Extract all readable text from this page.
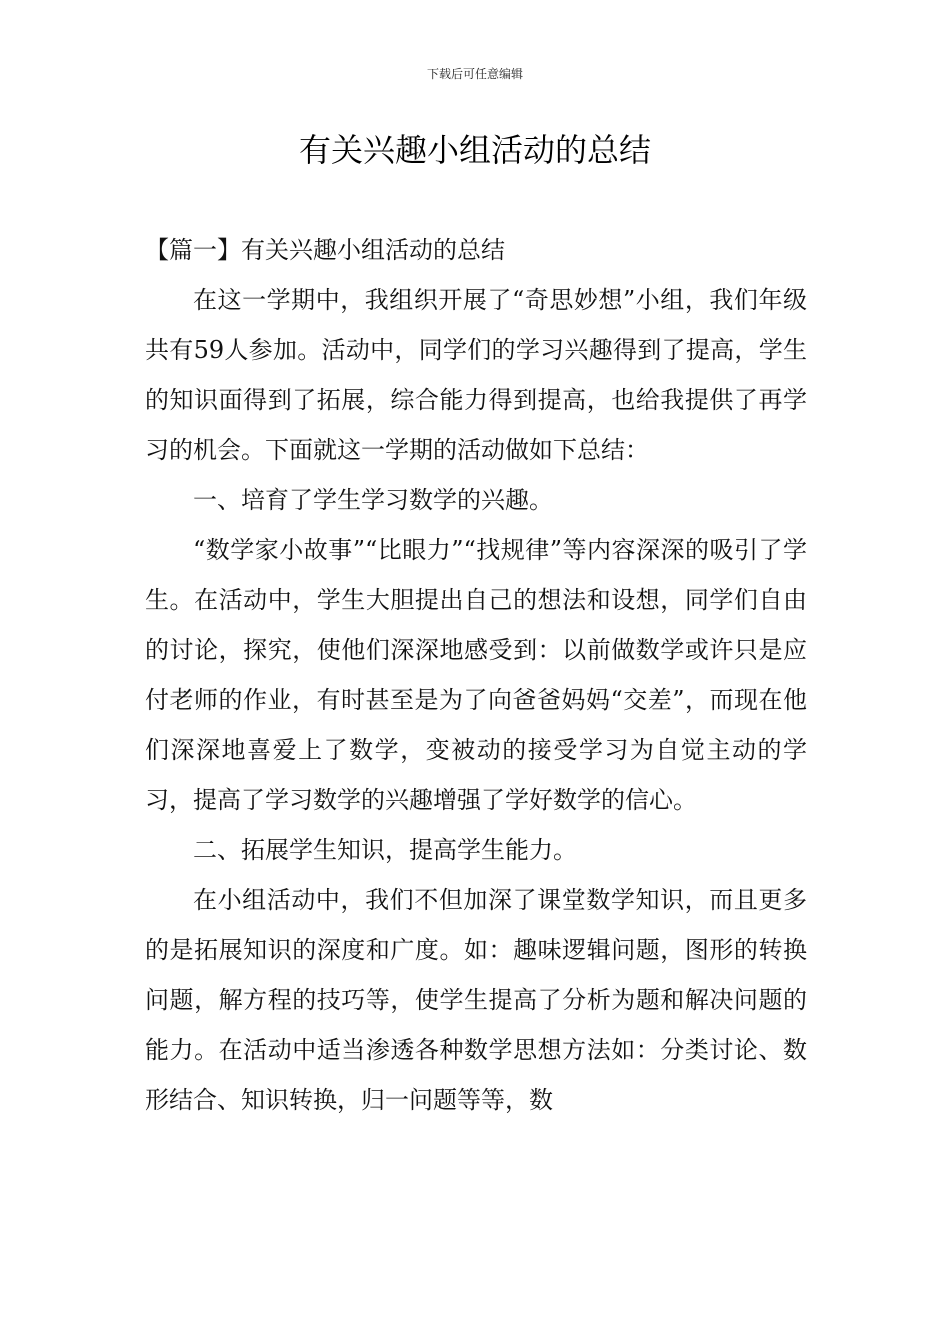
下载后可任意编辑
有关兴趣小组活动的总结

【篇一】有关兴趣小组活动的总结

在这一学期中，我组织开展了“奇思妙想”小组，我们年级共有59人参加。活动中，同学们的学习兴趣得到了提高，学生的知识面得到了拓展，综合能力得到提高，也给我提供了再学习的机会。下面就这一学期的活动做如下总结：

一、培育了学生学习数学的兴趣。

“数学家小故事”“比眼力”“找规律”等内容深深的吸引了学生。在活动中，学生大胆提出自己的想法和设想，同学们自由的讨论，探究，使他们深深地感受到：以前做数学或许只是应付老师的作业，有时甚至是为了向爸爸妈妈“交差”，而现在他们深深地喜爱上了数学，变被动的接受学习为自觉主动的学习，提高了学习数学的兴趣增强了学好数学的信心。

二、拓展学生知识，提高学生能力。

在小组活动中，我们不但加深了课堂数学知识，而且更多的是拓展知识的深度和广度。如：趣味逻辑问题，图形的转换问题，解方程的技巧等，使学生提高了分析为题和解决问题的能力。在活动中适当渗透各种数学思想方法如：分类讨论、数形结合、知识转换，归一问题等等，数
